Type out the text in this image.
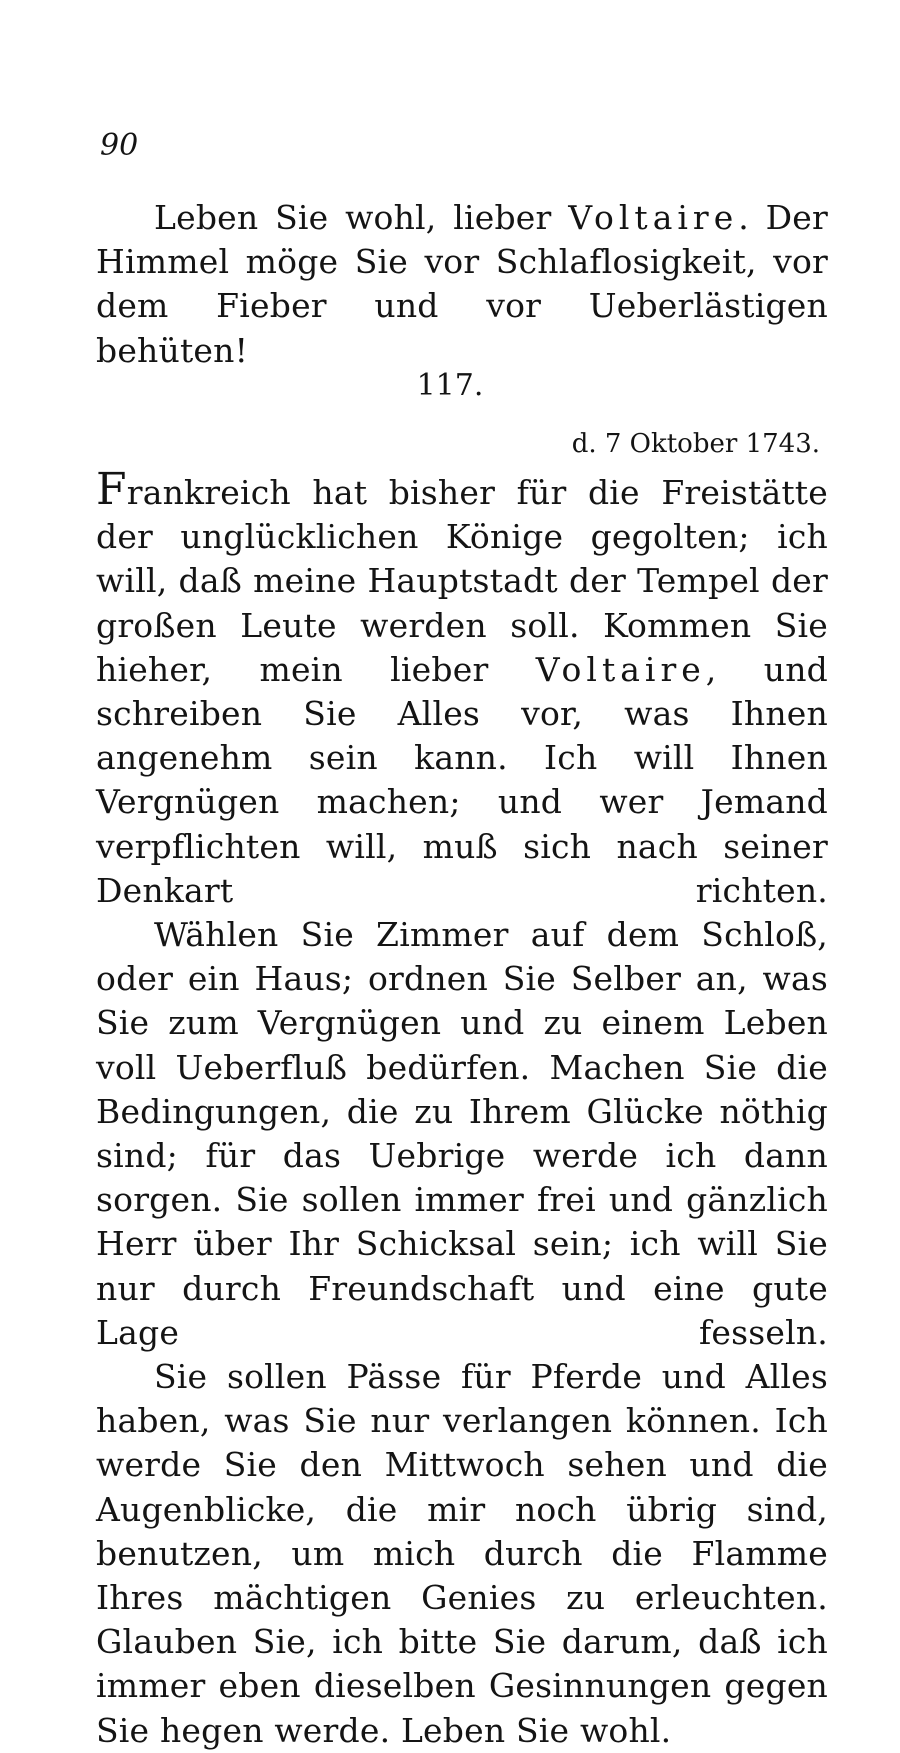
90

Leben Sie wohl, lieber Voltaire. Der Himmel möge Sie vor Schlaflosigkeit, vor dem Fieber und vor Ueberlästigen behüten!

117.
d. 7 Oktober 1743.

Frankreich hat bisher für die Freistätte der unglücklichen Könige gegolten; ich will, daß meine Hauptstadt der Tempel der großen Leute werden soll. Kommen Sie hieher, mein lieber Voltaire, und schreiben Sie Alles vor, was Ihnen angenehm sein kann. Ich will Ihnen Vergnügen machen; und wer Jemand verpflichten will, muß sich nach seiner Denkart richten.

Wählen Sie Zimmer auf dem Schloß, oder ein Haus; ordnen Sie Selber an, was Sie zum Vergnügen und zu einem Leben voll Ueberfluß bedürfen. Machen Sie die Bedingungen, die zu Ihrem Glücke nöthig sind; für das Uebrige werde ich dann sorgen. Sie sollen immer frei und gänzlich Herr über Ihr Schicksal sein; ich will Sie nur durch Freundschaft und eine gute Lage fesseln.

Sie sollen Pässe für Pferde und Alles haben, was Sie nur verlangen können. Ich werde Sie den Mittwoch sehen und die Augenblicke, die mir noch übrig sind, benutzen, um mich durch die Flamme Ihres mächtigen Genies zu erleuchten. Glauben Sie, ich bitte Sie darum, daß ich immer eben dieselben Gesinnungen gegen Sie hegen werde. Leben Sie wohl.
